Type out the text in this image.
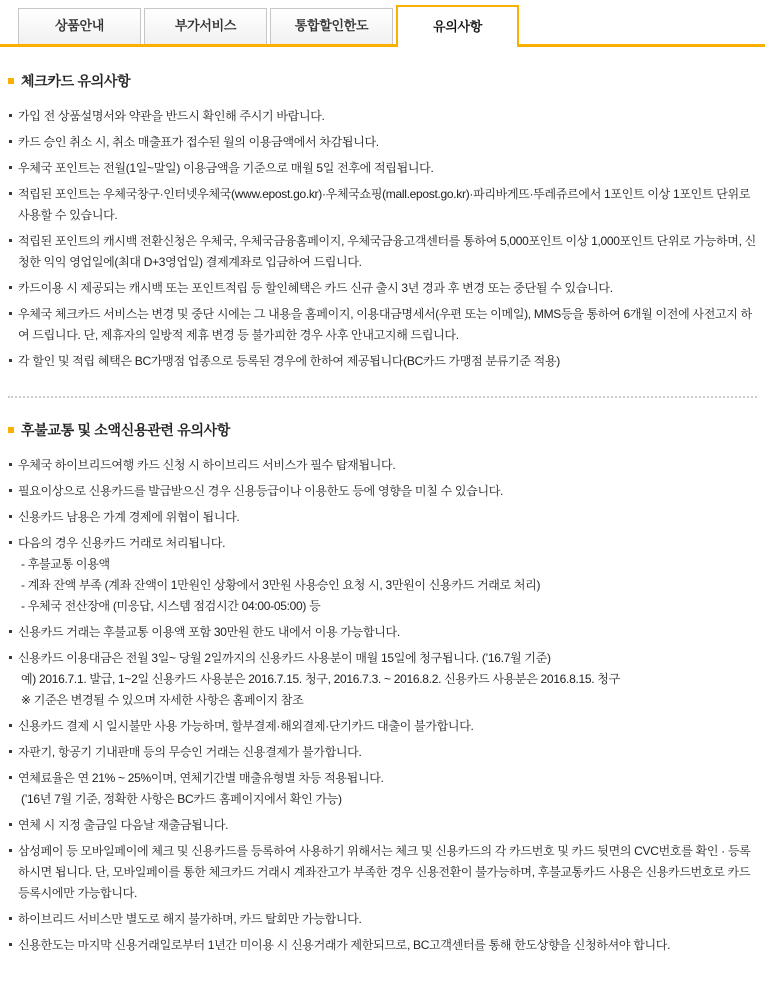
상품안내	부가서비스	통합할인한도	유의사항
체크카드 유의사항
가입 전 상품설명서와 약관을 반드시 확인해 주시기 바랍니다.
카드 승인 취소 시, 취소 매출표가 접수된 월의 이용금액에서 차감됩니다.
우체국 포인트는 전월(1일~말일) 이용금액을 기준으로 매월 5일 전후에 적립됩니다.
적립된 포인트는 우체국창구·인터넷우체국(www.epost.go.kr)·우체국쇼핑(mall.epost.go.kr)·파리바게뜨·뚜레쥬르에서 1포인트 이상 1포인트 단위로 사용할 수 있습니다.
적립된 포인트의 캐시백 전환신청은 우체국, 우체국금융홈페이지, 우체국금융고객센터를 통하여 5,000포인트 이상 1,000포인트 단위로 가능하며, 신청한 익익 영업일에(최대 D+3영업일) 결제계좌로 입금하여 드립니다.
카드이용 시 제공되는 캐시백 또는 포인트적립 등 할인혜택은 카드 신규 출시 3년 경과 후 변경 또는 중단될 수 있습니다.
우체국 체크카드 서비스는 변경 및 중단 시에는 그 내용을 홈페이지, 이용대금명세서(우편 또는 이메일), MMS등을 통하여 6개월 이전에 사전고지 하여 드립니다. 단, 제휴자의 일방적 제휴 변경 등 불가피한 경우 사후 안내고지해 드립니다.
각 할인 및 적립 혜택은 BC가맹점 업종으로 등록된 경우에 한하여 제공됩니다(BC카드 가맹점 분류기준 적용)
후불교통 및 소액신용관련 유의사항
우체국 하이브리드여행 카드 신청 시 하이브리드 서비스가 필수 탑재됩니다.
필요이상으로 신용카드를 발급받으신 경우 신용등급이나 이용한도 등에 영향을 미칠 수 있습니다.
신용카드 남용은 가계 경제에 위협이 됩니다.
다음의 경우 신용카드 거래로 처리됩니다.
- 후불교통 이용액
- 계좌 잔액 부족 (계좌 잔액이 1만원인 상황에서 3만원 사용승인 요청 시, 3만원이 신용카드 거래로 처리)
- 우체국 전산장애 (미응답, 시스템 점검시간 04:00-05:00) 등
신용카드 거래는 후불교통 이용액 포함 30만원 한도 내에서 이용 가능합니다.
신용카드 이용대금은 전월 3일~ 당월 2일까지의 신용카드 사용분이 매월 15일에 청구됩니다. (’16.7월 기준)
예) 2016.7.1. 발급, 1~2일 신용카드 사용분은 2016.7.15. 청구, 2016.7.3. ~ 2016.8.2. 신용카드 사용분은 2016.8.15. 청구
※ 기준은 변경될 수 있으며 자세한 사항은 홈페이지 참조
신용카드 결제 시 일시불만 사용 가능하며, 할부결제·해외결제·단기카드 대출이 불가합니다.
자판기, 항공기 기내판매 등의 무승인 거래는 신용결제가 불가합니다.
연체료율은 연 21% ~ 25%이며, 연체기간별 매출유형별 차등 적용됩니다.
(’16년 7월 기준, 정확한 사항은 BC카드 홈페이지에서 확인 가능)
연체 시 지정 출금일 다음날 재출금됩니다.
삼성페이 등 모바일페이에 체크 및 신용카드를 등록하여 사용하기 위해서는 체크 및 신용카드의 각 카드번호 및 카드 뒷면의 CVC번호를 확인 · 등록하시면 됩니다. 단, 모바일페이를 통한 체크카드 거래시 계좌잔고가 부족한 경우 신용전환이 불가능하며, 후불교통카드 사용은 신용카드번호로 카드 등록시에만 가능합니다.
하이브리드 서비스만 별도로 해지 불가하며, 카드 탈회만 가능합니다.
신용한도는 마지막 신용거래일로부터 1년간 미이용 시 신용거래가 제한되므로, BC고객센터를 통해 한도상향을 신청하셔야 합니다.
